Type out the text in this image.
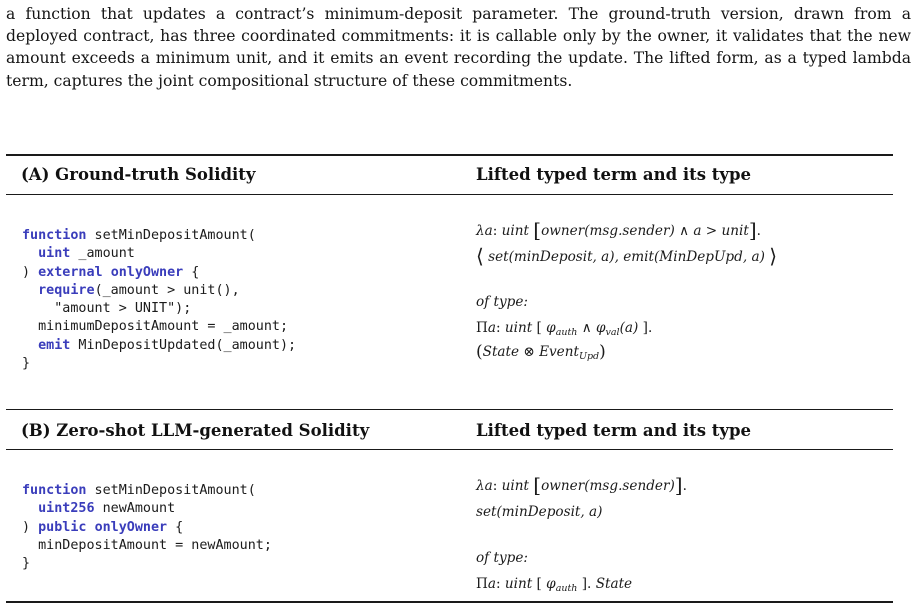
a function that updates a contract’s minimum-deposit parameter. The ground-truth version, drawn from a deployed contract, has three coordinated commitments: it is callable only by the owner, it validates that the new amount exceeds a minimum unit, and it emits an event recording the update. The lifted form, as a typed lambda term, captures the joint compositional structure of these commitments.

(A) Ground-truth Solidity	Lifted typed term and its type
function setMinDepositAmount(
uint _amount
) external onlyOwner {
require(_amount > unit(),
"amount > UNIT");
minimumDepositAmount = _amount;
emit MinDepositUpdated(_amount);
}
λa: uint [owner(msg.sender) ∧ a > unit].
⟨ set(minDeposit, a), emit(MinDepUpd, a) ⟩
of type:
Πa: uint [ $\varphi_{auth}$ ∧ $\varphi_{val}(a)$ ].
(State ⊗ Event$_{Upd}$)
(B) Zero-shot LLM-generated Solidity	Lifted typed term and its type
function setMinDepositAmount(
uint256 newAmount
) public onlyOwner {
minDepositAmount = newAmount;
}
λa: uint [owner(msg.sender)].
set(minDeposit, a)
of type:
Πa: uint [ $\varphi_{auth}$ ]. State
